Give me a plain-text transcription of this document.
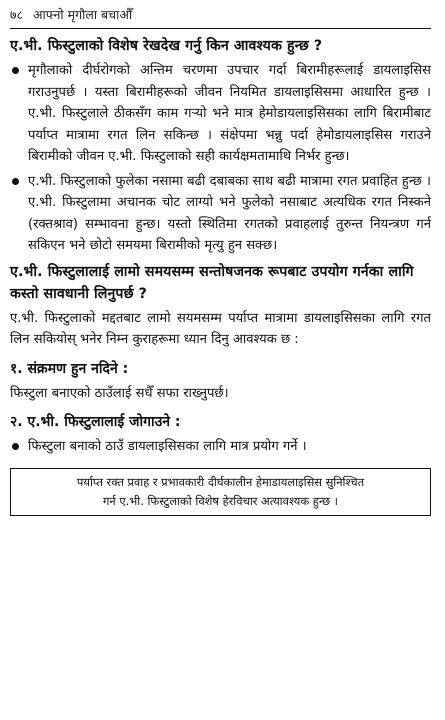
७८ आफ्नो मृगौला बचाऔँ
ए.भी. फिस्टुलाको विशेष रेखदेख गर्नु किन आवश्यक हुन्छ ?
मृगौलाको दीर्घरोगको अन्तिम चरणमा उपचार गर्दा बिरामीहरूलाई डायलाइसिस गराउनुपर्छ । यस्ता बिरामीहरूको जीवन नियमित डायलाइसिसमा आधारित हुन्छ । ए.भी. फिस्टुलाले ठीकसँग काम गर्‍यो भने मात्र हेमोडायलाइसिसका लागि बिरामीबाट पर्याप्त मात्रामा रगत लिन सकिन्छ । संक्षेपमा भन्नु पर्दा हेमोडायलाइसिस गराउने बिरामीको जीवन ए.भी. फिस्टुलाको सही कार्यक्षमतामाथि निर्भर हुन्छ।
ए.भी. फिस्टुलाको फुलेका नसामा बढी दबाबका साथ बढी मात्रामा रगत प्रवाहित हुन्छ । ए.भी. फिस्टुलामा अचानक चोट लाग्यो भने फुलेको नसाबाट अत्यधिक रगत निस्कने (रक्तश्राव) सम्भावना हुन्छ। यस्तो स्थितिमा रगतको प्रवाहलाई तुरुन्त नियन्त्रण गर्न सकिएन भने छोटो समयमा बिरामीको मृत्यु हुन सक्छ।
ए.भी. फिस्टुलालाई लामो समयसम्म सन्तोषजनक रूपबाट उपयोग गर्नका लागि कस्तो सावधानी लिनुपर्छ ?

ए.भी. फिस्टुलाको मद्दतबाट लामो सयमसम्म पर्याप्त मात्रामा डायलाइसिसका लागि रगत लिन सकियोस् भनेर निम्न कुराहरूमा ध्यान दिनु आवश्यक छ :

१. संक्रमण हुन नदिने :

फिस्टुला बनाएको ठाउँलाई सधैँ सफा राख्नुपर्छ।

२. ए.भी. फिस्टुलालाई जोगाउने :
फिस्टुला बनाको ठाउँ डायलाइसिसका लागि मात्र प्रयोग गर्ने ।
पर्याप्त रक्त प्रवाह र प्रभावकारी दीर्घकालीन हेमाडायलाइसिस सुनिश्चित
गर्न ए.भी. फिस्टुलाको विशेष हेरविचार अत्यावश्यक हुन्छ ।
